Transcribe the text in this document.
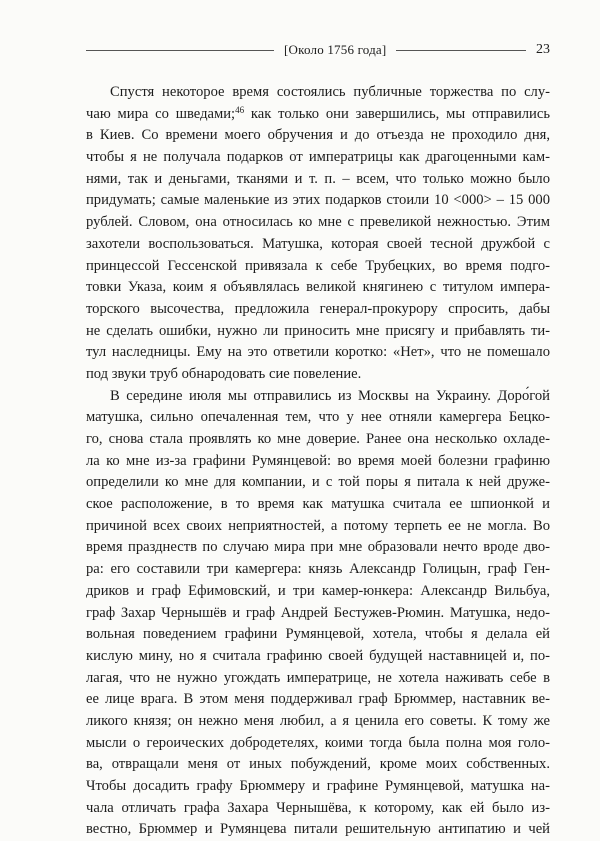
[Около 1756 года]	23
Спустя некоторое время состоялись публичные торжества по слу-
чаю мира со шведами;$^{46}$ как только они завершились, мы отправились
в Киев. Со времени моего обручения и до отъезда не проходило дня,
чтобы я не получала подарков от императрицы как драгоценными кам-
нями, так и деньгами, тканями и т. п. – всем, что только можно было
придумать; самые маленькие из этих подарков стоили 10 <000> – 15 000
рублей. Словом, она относилась ко мне с превеликой нежностью. Этим
захотели воспользоваться. Матушка, которая своей тесной дружбой с
принцессой Гессенской привязала к себе Трубецких, во время подго-
товки Указа, коим я объявлялась великой княгинею с титулом импера-
торского высочества, предложила генерал-прокурору спросить, дабы
не сделать ошибки, нужно ли приносить мне присягу и прибавлять ти-
тул наследницы. Ему на это ответили коротко: «Нет», что не помешало
под звуки труб обнародовать сие повеление.
В середине июля мы отправились из Москвы на Украину. Доро́гой
матушка, сильно опечаленная тем, что у нее отняли камергера Бецко-
го, снова стала проявлять ко мне доверие. Ранее она несколько охладе-
ла ко мне из-за графини Румянцевой: во время моей болезни графиню
определили ко мне для компании, и с той поры я питала к ней друже-
ское расположение, в то время как матушка считала ее шпионкой и
причиной всех своих неприятностей, а потому терпеть ее не могла. Во
время празднеств по случаю мира при мне образовали нечто вроде дво-
ра: его составили три камергера: князь Александр Голицын, граф Ген-
дриков и граф Ефимовский, и три камер-юнкера: Александр Вильбуа,
граф Захар Чернышёв и граф Андрей Бестужев-Рюмин. Матушка, недо-
вольная поведением графини Румянцевой, хотела, чтобы я делала ей
кислую мину, но я считала графиню своей будущей наставницей и, по-
лагая, что не нужно угождать императрице, не хотела наживать себе в
ее лице врага. В этом меня поддерживал граф Брюммер, наставник ве-
ликого князя; он нежно меня любил, а я ценила его советы. К тому же
мысли о героических добродетелях, коими тогда была полна моя голо-
ва, отвращали меня от иных побуждений, кроме моих собственных.
Чтобы досадить графу Брюммеру и графине Румянцевой, матушка на-
чала отличать графа Захара Чернышёва, к которому, как ей было из-
вестно, Брюммер и Румянцева питали решительную антипатию и чей
